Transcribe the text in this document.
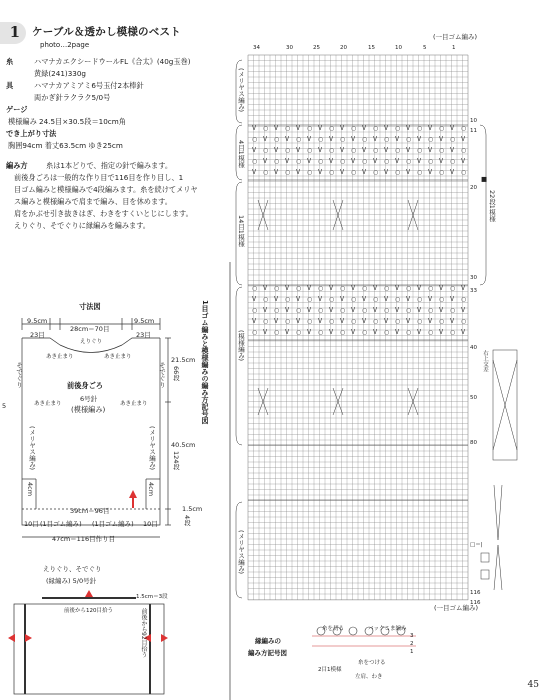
1 ケーブル＆透かし模様のベスト
photo…2page
糸	ハマナカエクシードウールFL《合太》(40g玉巻)
黄緑(241)330g
具	ハマナカアミアミ6号玉付2本棒針
両かぎ針ラクラク5/0号
ゲージ
模様編み 24.5目×30.5段＝10cm角
でき上がり寸法
胸囲94cm 着丈63.5cm ゆき25cm
編み方	糸は1本どりで、指定の針で編みます。
前後身ごろは一般的な作り目で116目を作り目し、1
目ゴム編みと模様編みで4段編みます。糸を続けてメリヤ
ス編みと模様編みで肩まで編み、目を休めます。
肩をかぶせ引き抜きはぎ、わきをすくいとじにします。
えりぐり、そでぐりに縁編みを編みます。
ᐯ ○ ᐯ ○ ᐯ ○ ᐯ ○ ᐯ ○ ᐯ ○ ᐯ ○ ᐯ ○ ᐯ ○ ᐯ ○
○ ᐯ ○ ᐯ ○ ᐯ ○ ᐯ ○ ᐯ ○ ᐯ ○ ᐯ ○ ᐯ ○ ᐯ ○ ᐯ
ᐯ ○ ᐯ ○ ᐯ ○ ᐯ ○ ᐯ ○ ᐯ ○ ᐯ ○ ᐯ ○ ᐯ ○ ᐯ ○
○ ᐯ ○ ᐯ ○ ᐯ ○ ᐯ ○ ᐯ ○ ᐯ ○ ᐯ ○ ᐯ ○ ᐯ ○ ᐯ
ᐯ ○ ᐯ ○ ᐯ ○ ᐯ ○ ᐯ ○ ᐯ ○ ᐯ ○ ᐯ ○ ᐯ ○ ᐯ ○
○ ᐯ ○ ᐯ ○ ᐯ ○ ᐯ ○ ᐯ ○ ᐯ ○ ᐯ ○ ᐯ ○ ᐯ ○ ᐯ
ᐯ ○ ᐯ ○ ᐯ ○ ᐯ ○ ᐯ ○ ᐯ ○ ᐯ ○ ᐯ ○ ᐯ ○ ᐯ ○
○ ᐯ ○ ᐯ ○ ᐯ ○ ᐯ ○ ᐯ ○ ᐯ ○ ᐯ ○ ᐯ ○ ᐯ ○ ᐯ
ᐯ ○ ᐯ ○ ᐯ ○ ᐯ ○ ᐯ ○ ᐯ ○ ᐯ ○ ᐯ ○ ᐯ ○ ᐯ ○
○ ᐯ ○ ᐯ ○ ᐯ ○ ᐯ ○ ᐯ ○ ᐯ ○ ᐯ ○ ᐯ ○ ᐯ ○ ᐯ
寸法図
9.5cm
28cm＝70目
9.5cm
23目	23目
えりぐり
あき止まり	あき止まり
あき止まり	あき止まり
そでぐり	そでぐり
21.5cm
66段
40.5cm
124段
1.5cm
4段
4cm	4cm
10目	10目
前後身ごろ
6号針
(模様編み)
(メリヤス編み)	(メリヤス編み)
39cm＝96目
(1目ゴム編み) (1目ゴム編み)
47cm＝116目作り目
5
えりぐり、そでぐり
(縁編み) 5/0号針
1.5cm＝3段
前後から120目拾う	前後から92目拾う
1目ゴム編みと模様編みの編み方記号図
(一目ゴム編み)
(一目ゴム編み)
(メリヤス編み)
4目1模様
14目1模様
(模様編み)
(メリヤス編み)
22段1模様
右上交差
■
□＝|
縁編みの
編み方記号図
糸を切る	バックこま編み
3
2
1
糸をつける
2目1模様
左肩、わき
45
34	30	25	20	15	10	5	1
10
11
20
30
33
40
50
80
116
116
